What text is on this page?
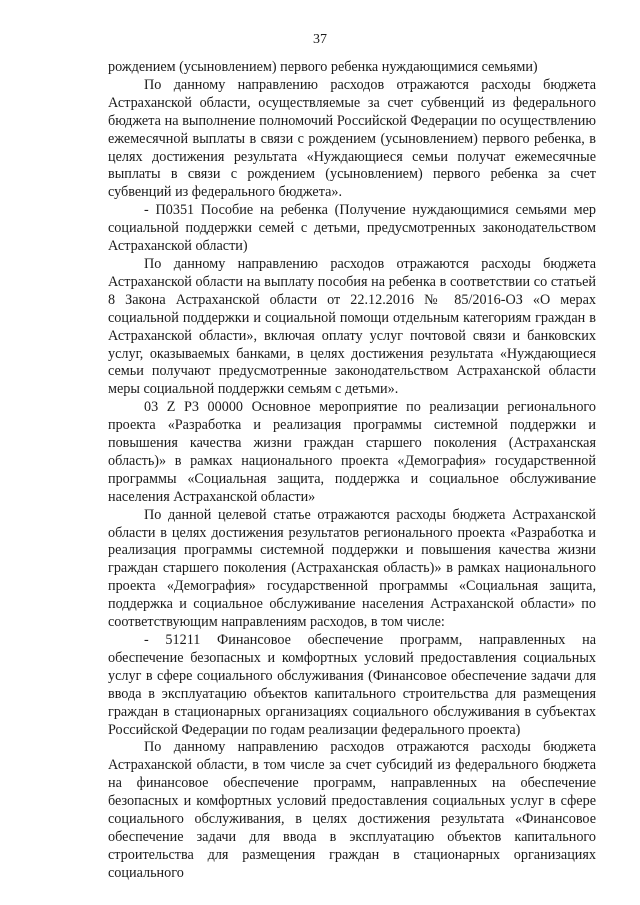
37

рождением (усыновлением) первого ребенка нуждающимися семьями)

По данному направлению расходов отражаются расходы бюджета Астраханской области, осуществляемые за счет субвенций из федерального бюджета на выполнение полномочий Российской Федерации по осуществлению ежемесячной выплаты в связи с рождением (усыновлением) первого ребенка, в целях достижения результата «Нуждающиеся семьи получат ежемесячные выплаты в связи с рождением (усыновлением) первого ребенка за счет субвенций из федерального бюджета».

- П0351 Пособие на ребенка (Получение нуждающимися семьями мер социальной поддержки семей с детьми, предусмотренных законодательством Астраханской области)

По данному направлению расходов отражаются расходы бюджета Астраханской области на выплату пособия на ребенка в соответствии со статьей 8 Закона Астраханской области от 22.12.2016 № 85/2016-ОЗ «О мерах социальной поддержки и социальной помощи отдельным категориям граждан в Астраханской области», включая оплату услуг почтовой связи и банковских услуг, оказываемых банками, в целях достижения результата «Нуждающиеся семьи получают предусмотренные законодательством Астраханской области меры социальной поддержки семьям с детьми».

03 Z P3 00000 Основное мероприятие по реализации регионального проекта «Разработка и реализация программы системной поддержки и повышения качества жизни граждан старшего поколения (Астраханская область)» в рамках национального проекта «Демография» государственной программы «Социальная защита, поддержка и социальное обслуживание населения Астраханской области»

По данной целевой статье отражаются расходы бюджета Астраханской области в целях достижения результатов регионального проекта «Разработка и реализация программы системной поддержки и повышения качества жизни граждан старшего поколения (Астраханская область)» в рамках национального проекта «Демография» государственной программы «Социальная защита, поддержка и социальное обслуживание населения Астраханской области» по соответствующим направлениям расходов, в том числе:

- 51211 Финансовое обеспечение программ, направленных на обеспечение безопасных и комфортных условий предоставления социальных услуг в сфере социального обслуживания (Финансовое обеспечение задачи для ввода в эксплуатацию объектов капитального строительства для размещения граждан в стационарных организациях социального обслуживания в субъектах Российской Федерации по годам реализации федерального проекта)

По данному направлению расходов отражаются расходы бюджета Астраханской области, в том числе за счет субсидий из федерального бюджета на финансовое обеспечение программ, направленных на обеспечение безопасных и комфортных условий предоставления социальных услуг в сфере социального обслуживания, в целях достижения результата «Финансовое обеспечение задачи для ввода в эксплуатацию объектов капитального строительства для размещения граждан в стационарных организациях социального
